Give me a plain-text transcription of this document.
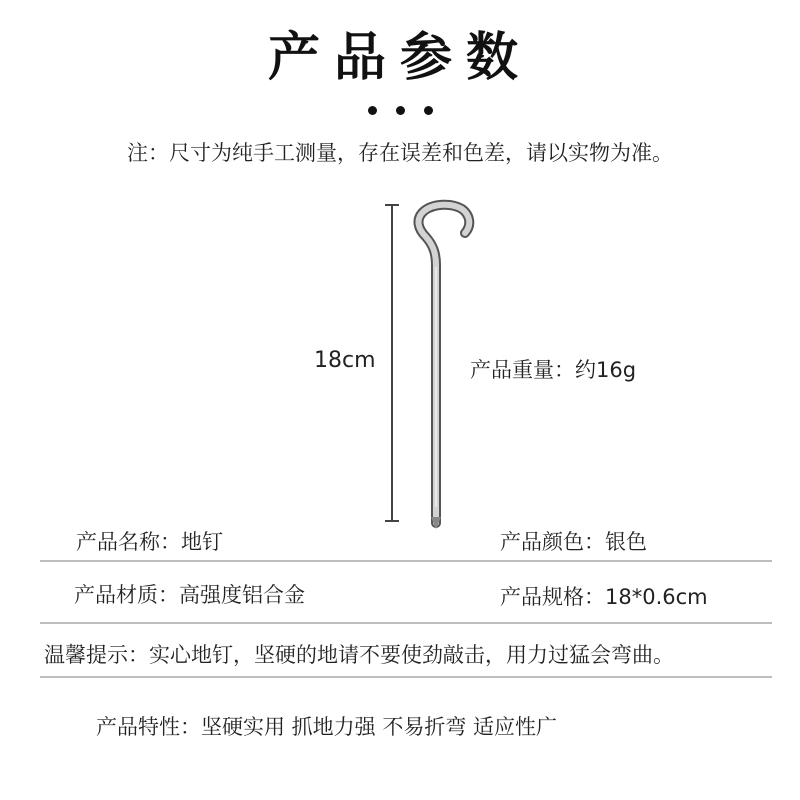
产品参数
注：尺寸为纯手工测量，存在误差和色差，请以实物为准。
18cm	产品重量：约16g
产品名称：地钉	产品颜色：银色
产品材质：高强度铝合金	产品规格：18*0.6cm
温馨提示：实心地钉，坚硬的地请不要使劲敲击，用力过猛会弯曲。
产品特性：坚硬实用 抓地力强 不易折弯 适应性广
